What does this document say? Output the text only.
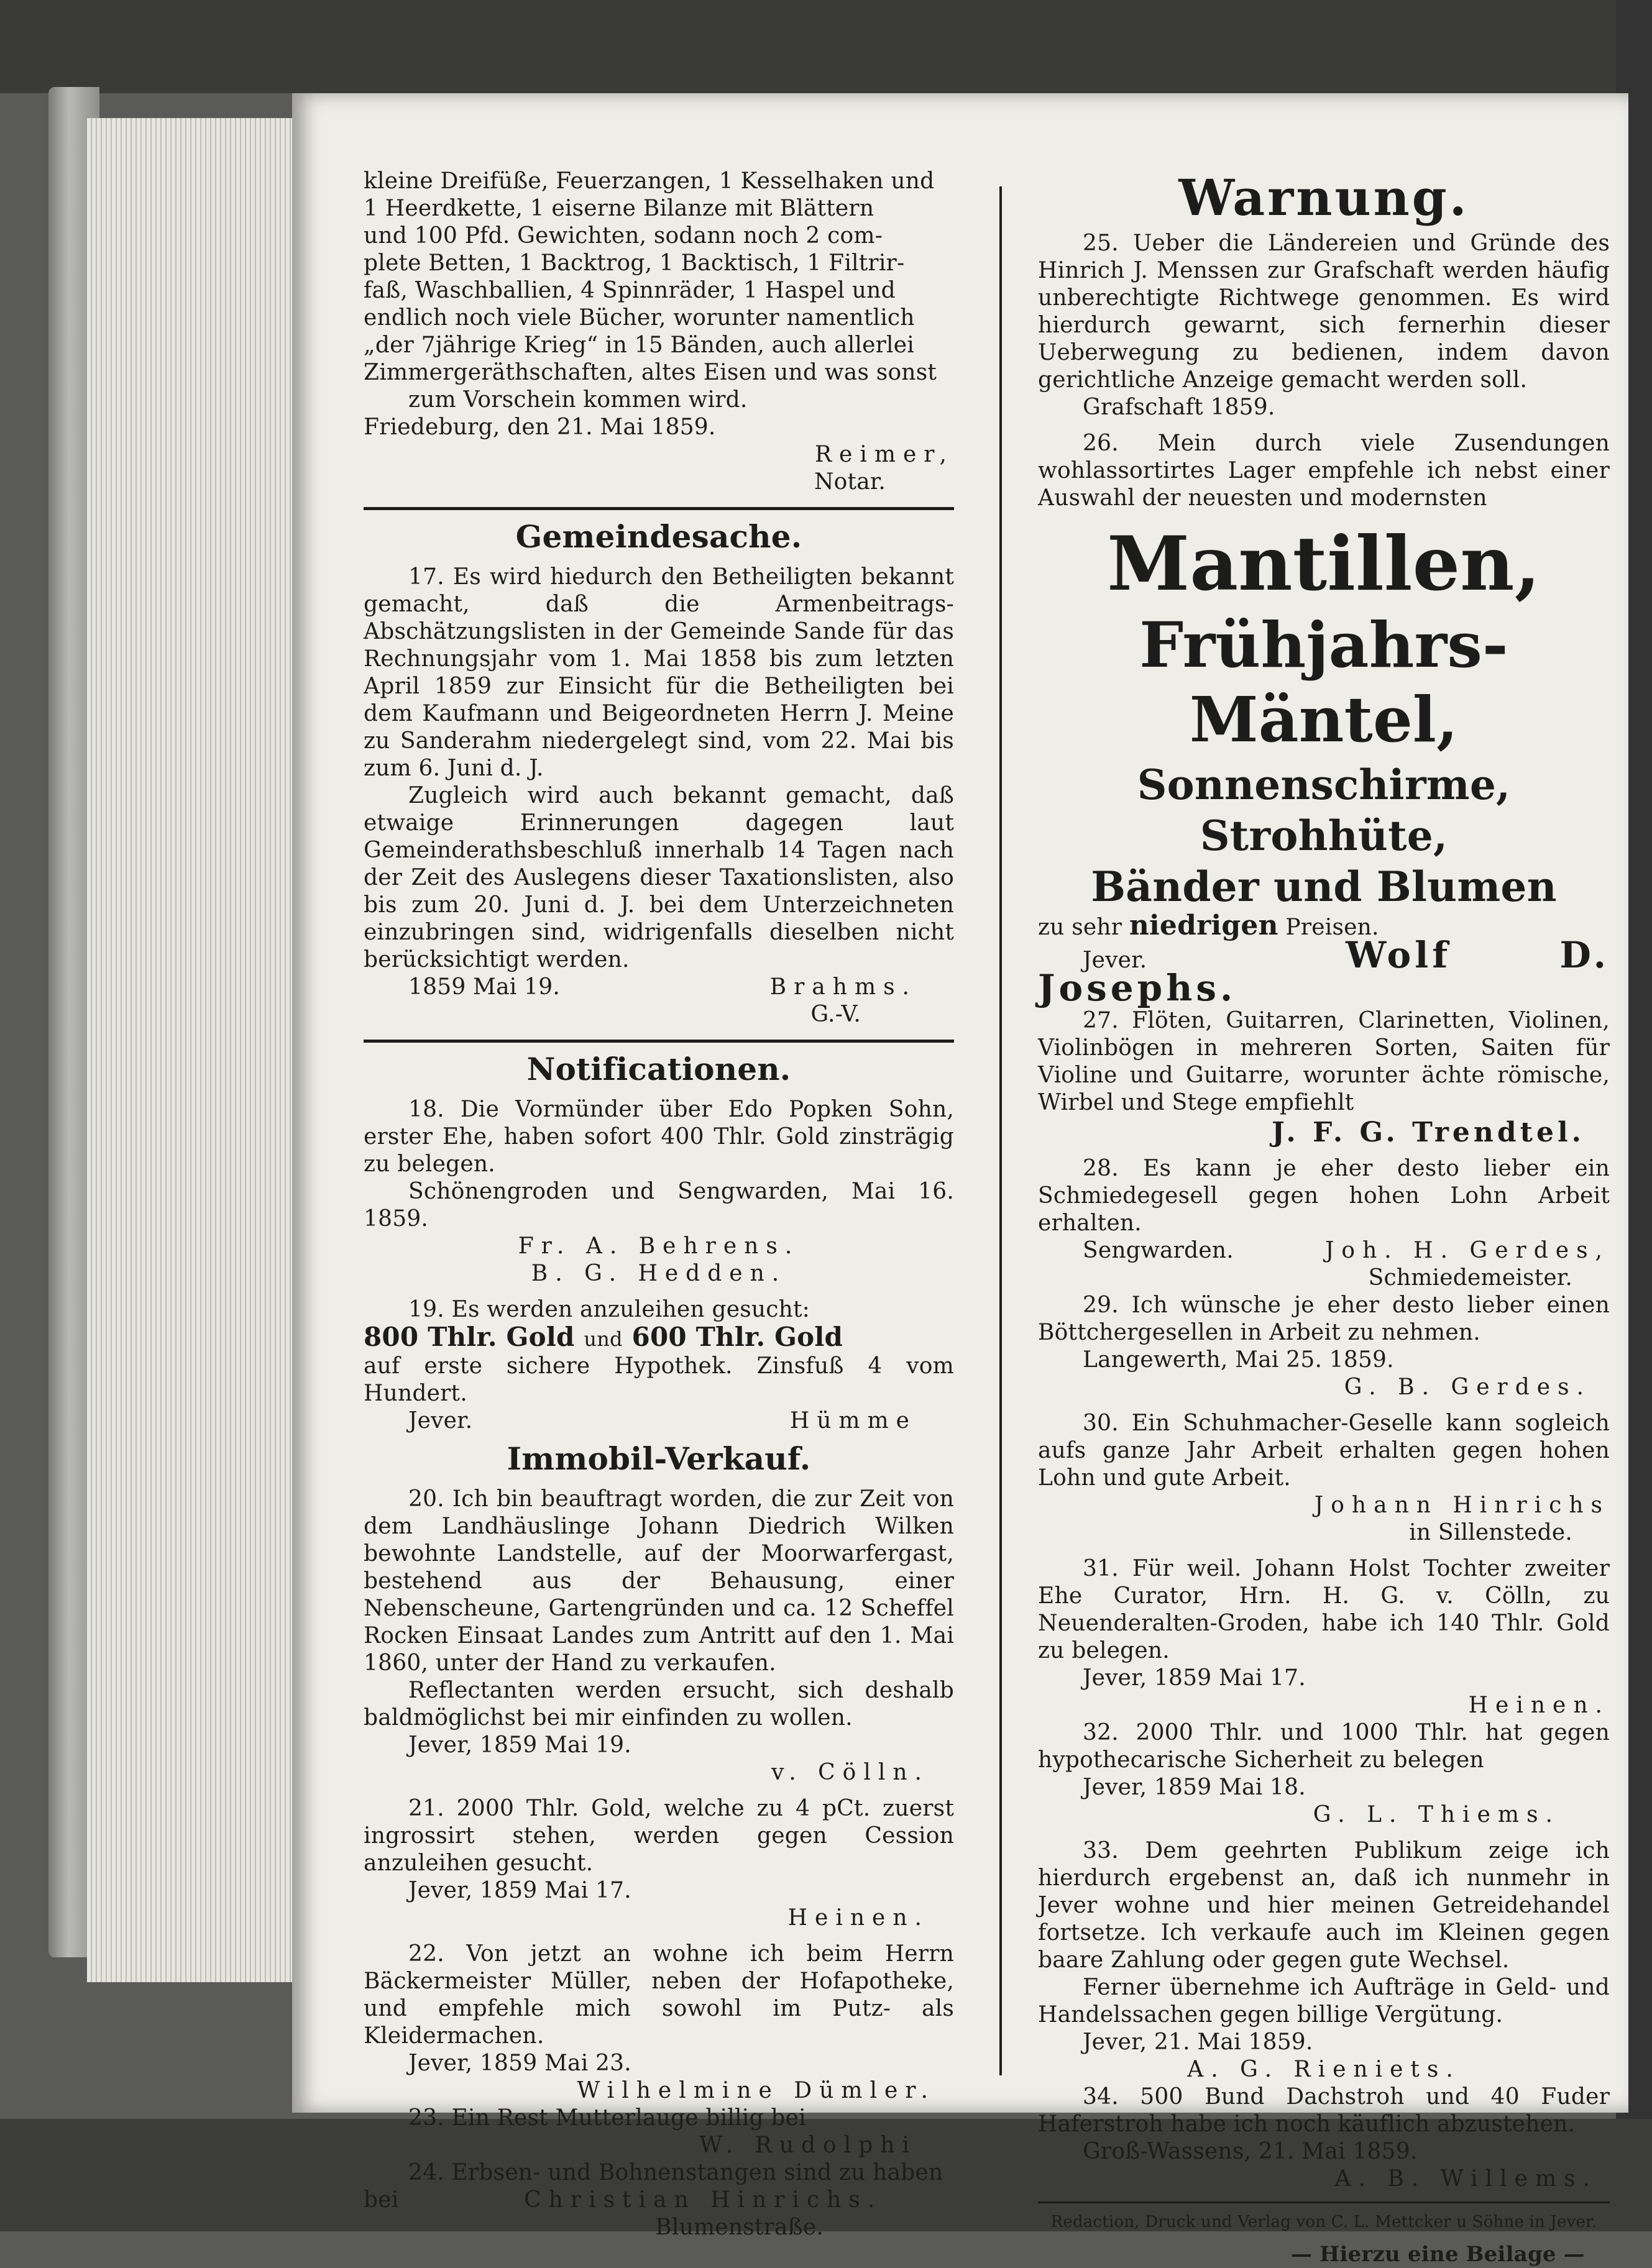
kleine Dreifüße, Feuerzangen, 1 Kesselhaken und

1 Heerdkette, 1 eiserne Bilanze mit Blättern

und 100 Pfd. Gewichten, sodann noch 2 com-

plete Betten, 1 Backtrog, 1 Backtisch, 1 Filtrir-

faß, Waschballien, 4 Spinnräder, 1 Haspel und

endlich noch viele Bücher, worunter namentlich

„der 7jährige Krieg“ in 15 Bänden, auch allerlei

Zimmergeräthschaften, altes Eisen und was sonst

zum Vorschein kommen wird.

Friedeburg, den 21. Mai 1859.

Reimer,

Notar.

Gemeindesache.

17. Es wird hiedurch den Betheiligten bekannt gemacht, daß die Armenbeitrags-Abschätzungslisten in der Gemeinde Sande für das Rechnungsjahr vom 1. Mai 1858 bis zum letzten April 1859 zur Einsicht für die Betheiligten bei dem Kaufmann und Beigeordneten Herrn J. Meine zu Sanderahm niedergelegt sind, vom 22. Mai bis zum 6. Juni d. J.

Zugleich wird auch bekannt gemacht, daß etwaige Erinnerungen dagegen laut Gemeinderathsbeschluß innerhalb 14 Tagen nach der Zeit des Auslegens dieser Taxationslisten, also bis zum 20. Juni d. J. bei dem Unterzeichneten einzubringen sind, widrigenfalls dieselben nicht berücksichtigt werden.

1859 Mai 19.	Brahms.

G.-V.

Notificationen.

18. Die Vormünder über Edo Popken Sohn, erster Ehe, haben sofort 400 Thlr. Gold zinsträgig zu belegen.

Schönengroden und Sengwarden, Mai 16. 1859.

Fr. A. Behrens.

B. G. Hedden.

19. Es werden anzuleihen gesucht:

800 Thlr. Gold und 600 Thlr. Gold

auf erste sichere Hypothek. Zinsfuß 4 vom Hundert.

Jever.	Hümme

Immobil-Verkauf.

20. Ich bin beauftragt worden, die zur Zeit von dem Landhäuslinge Johann Diedrich Wilken bewohnte Landstelle, auf der Moorwarfergast, bestehend aus der Behausung, einer Nebenscheune, Gartengründen und ca. 12 Scheffel Rocken Einsaat Landes zum Antritt auf den 1. Mai 1860, unter der Hand zu verkaufen.

Reflectanten werden ersucht, sich deshalb baldmöglichst bei mir einfinden zu wollen.

Jever, 1859 Mai 19.

v. Cölln.

21. 2000 Thlr. Gold, welche zu 4 pCt. zuerst ingrossirt stehen, werden gegen Cession anzuleihen gesucht.

Jever, 1859 Mai 17.

Heinen.

22. Von jetzt an wohne ich beim Herrn Bäckermeister Müller, neben der Hofapotheke, und empfehle mich sowohl im Putz- als Kleidermachen.

Jever, 1859 Mai 23.

Wilhelmine Dümler.

23. Ein Rest Mutterlauge billig bei

W. Rudolphi

24. Erbsen- und Bohnenstangen sind zu haben

bei	Christian Hinrichs.

Blumenstraße.

Warnung.

25. Ueber die Ländereien und Gründe des Hinrich J. Menssen zur Grafschaft werden häufig unberechtigte Richtwege genommen. Es wird hierdurch gewarnt, sich fernerhin dieser Ueberwegung zu bedienen, indem davon gerichtliche Anzeige gemacht werden soll.

Grafschaft 1859.

26. Mein durch viele Zusendungen wohlassortirtes Lager empfehle ich nebst einer Auswahl der neuesten und modernsten

Mantillen,

Frühjahrs-Mäntel,

Sonnenschirme, Strohhüte,

Bänder und Blumen

zu sehr niedrigen Preisen.

Jever.	Wolf D. Josephs.

27. Flöten, Guitarren, Clarinetten, Violinen, Violinbögen in mehreren Sorten, Saiten für Violine und Guitarre, worunter ächte römische, Wirbel und Stege empfiehlt

J. F. G. Trendtel.

28. Es kann je eher desto lieber ein Schmiedegesell gegen hohen Lohn Arbeit erhalten.

Sengwarden.	Joh. H. Gerdes,

Schmiedemeister.

29. Ich wünsche je eher desto lieber einen Böttchergesellen in Arbeit zu nehmen.

Langewerth, Mai 25. 1859.

G. B. Gerdes.

30. Ein Schuhmacher-Geselle kann sogleich aufs ganze Jahr Arbeit erhalten gegen hohen Lohn und gute Arbeit.

Johann Hinrichs

in Sillenstede.

31. Für weil. Johann Holst Tochter zweiter Ehe Curator, Hrn. H. G. v. Cölln, zu Neuenderalten-Groden, habe ich 140 Thlr. Gold zu belegen.

Jever, 1859 Mai 17.

Heinen.

32. 2000 Thlr. und 1000 Thlr. hat gegen hypothecarische Sicherheit zu belegen

Jever, 1859 Mai 18.

G. L. Thiems.

33. Dem geehrten Publikum zeige ich hierdurch ergebenst an, daß ich nunmehr in Jever wohne und hier meinen Getreidehandel fortsetze. Ich verkaufe auch im Kleinen gegen baare Zahlung oder gegen gute Wechsel.

Ferner übernehme ich Aufträge in Geld- und Handelssachen gegen billige Vergütung.

Jever, 21. Mai 1859.

A. G. Rieniets.

34. 500 Bund Dachstroh und 40 Fuder Haferstroh habe ich noch käuflich abzustehen.

Groß-Wassens, 21. Mai 1859.

A. B. Willems.

Redaction, Druck und Verlag von C. L. Mettcker u Söhne in Jever.

— Hierzu eine Beilage —
